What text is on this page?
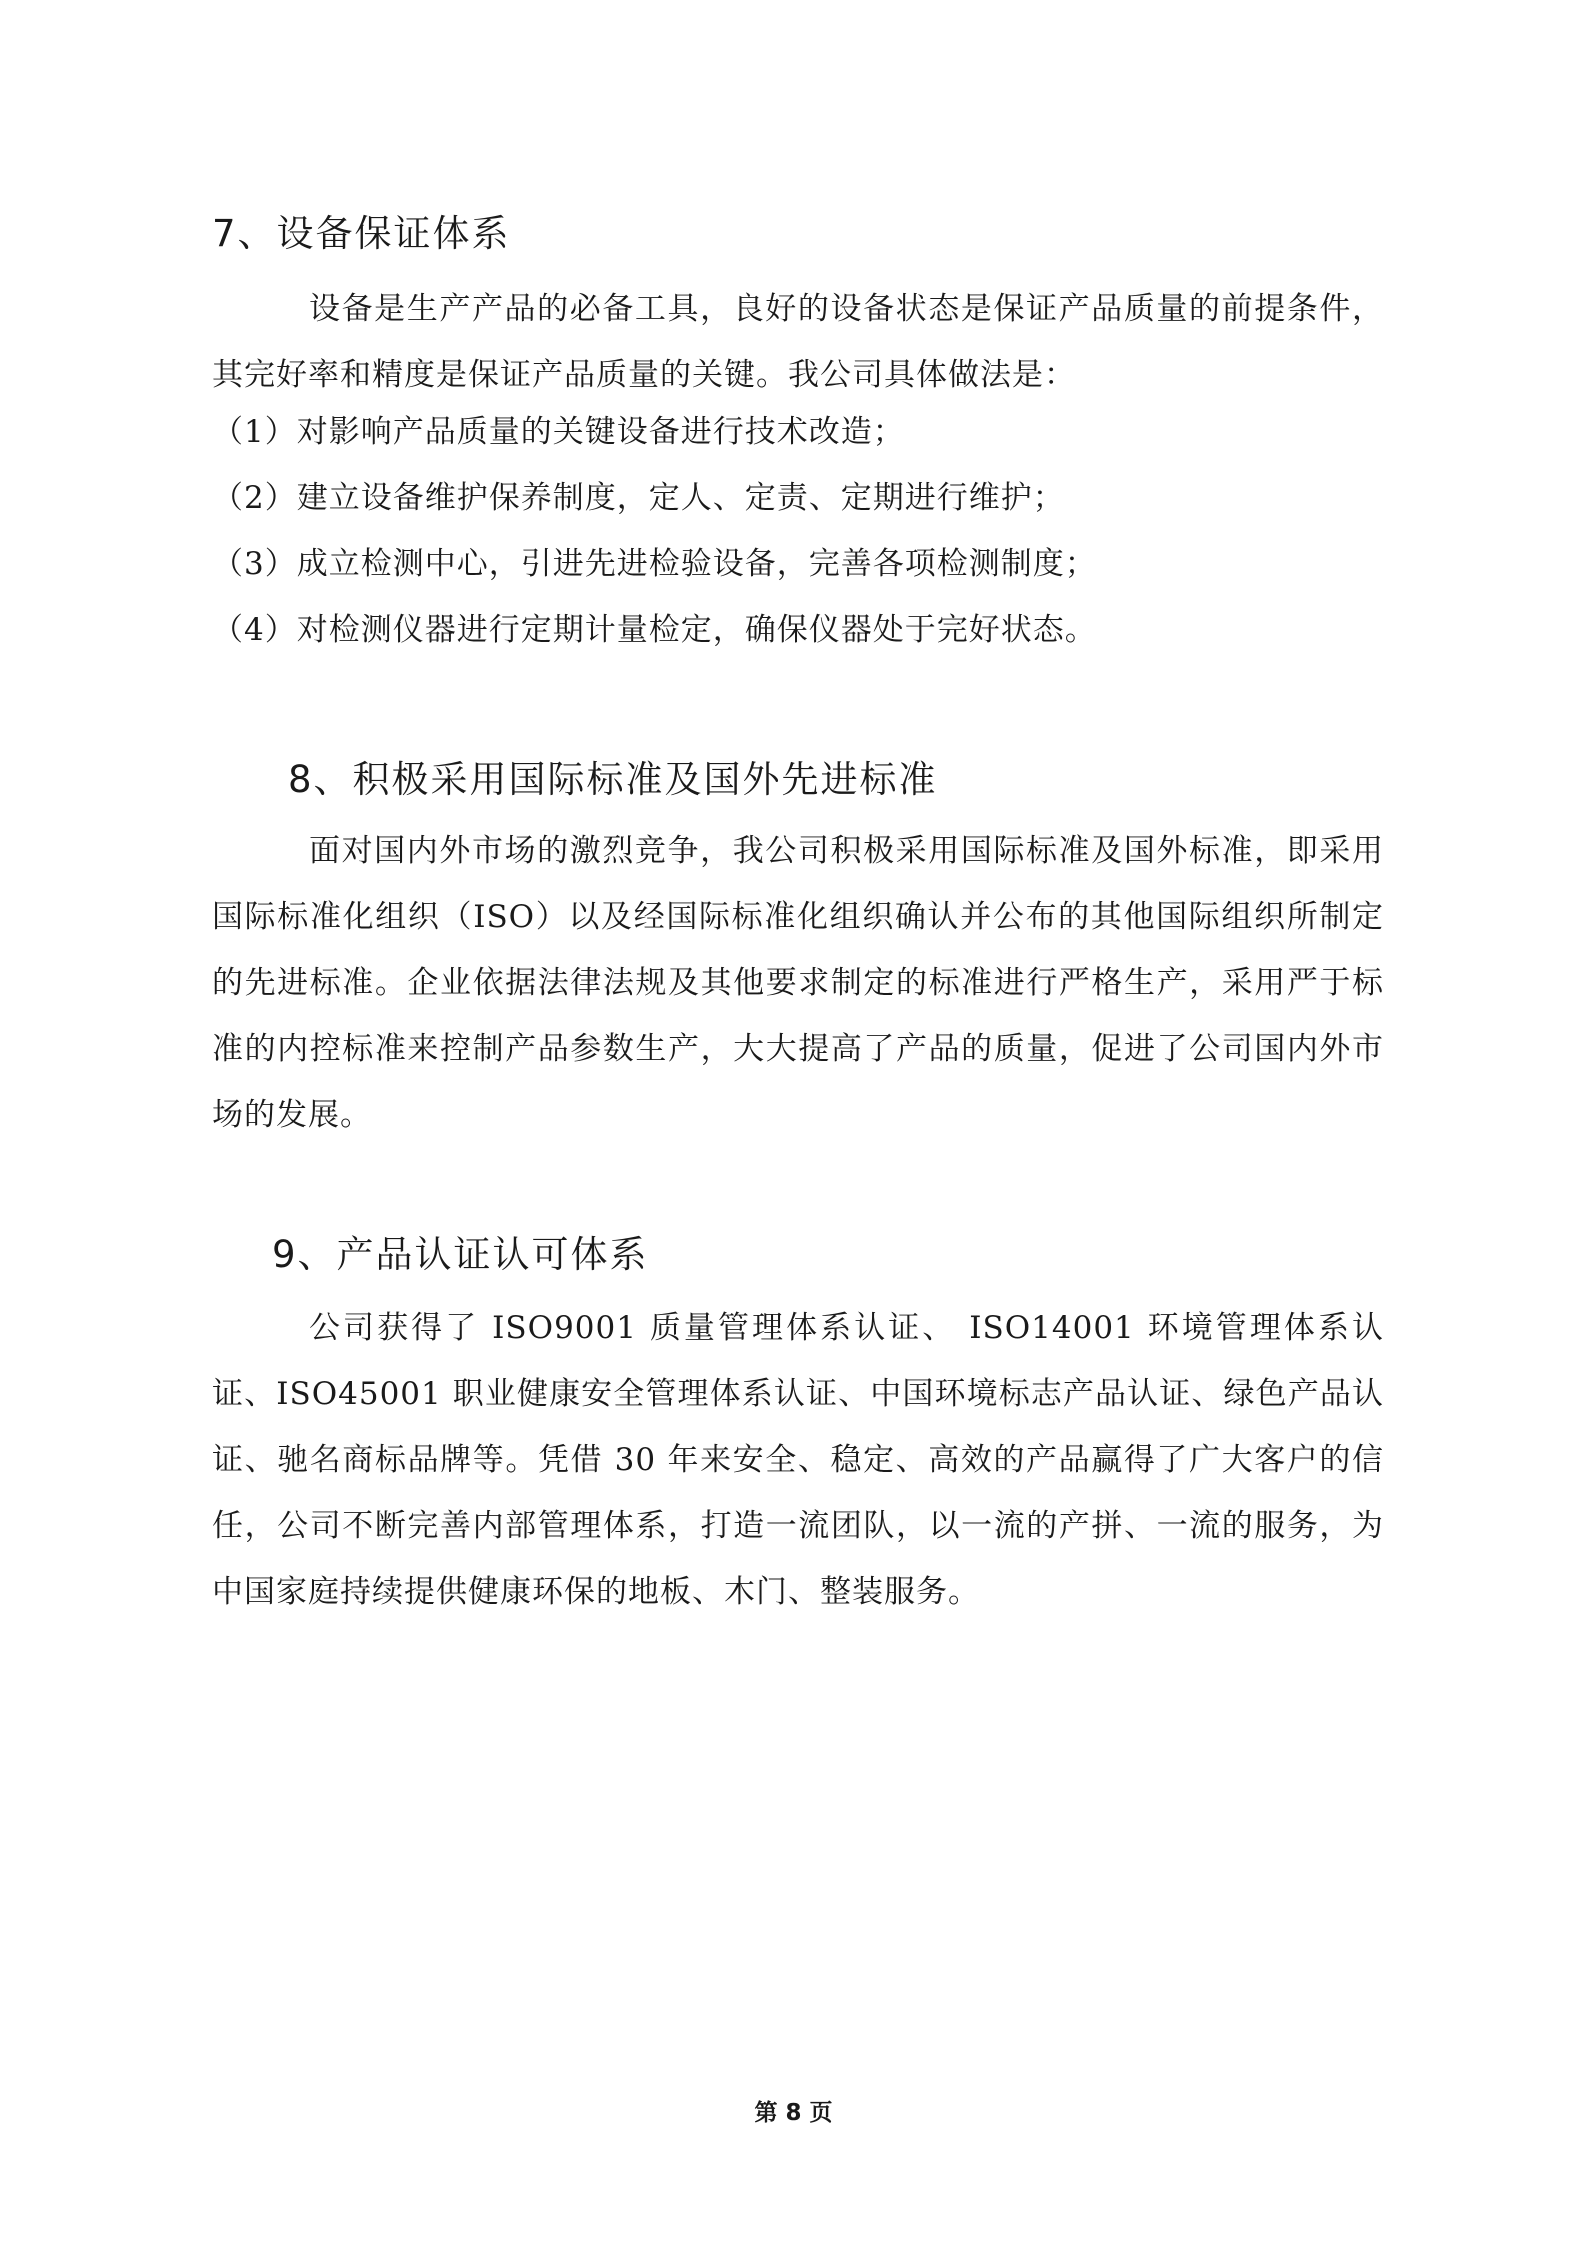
7、设备保证体系
设备是生产产品的必备工具，良好的设备状态是保证产品质量的前提条件，其完好率和精度是保证产品质量的关键。我公司具体做法是：
（1）对影响产品质量的关键设备进行技术改造；
（2）建立设备维护保养制度，定人、定责、定期进行维护；
（3）成立检测中心，引进先进检验设备，完善各项检测制度；
（4）对检测仪器进行定期计量检定，确保仪器处于完好状态。
8、积极采用国际标准及国外先进标准
面对国内外市场的激烈竞争，我公司积极采用国际标准及国外标准，即采用国际标准化组织（ISO）以及经国际标准化组织确认并公布的其他国际组织所制定的先进标准。企业依据法律法规及其他要求制定的标准进行严格生产，采用严于标准的内控标准来控制产品参数生产，大大提高了产品的质量，促进了公司国内外市场的发展。
9、产品认证认可体系
公司获得了 ISO9001 质量管理体系认证、 ISO14001 环境管理体系认证、ISO45001 职业健康安全管理体系认证、中国环境标志产品认证、绿色产品认证、驰名商标品牌等。凭借 30 年来安全、稳定、高效的产品赢得了广大客户的信任，公司不断完善内部管理体系，打造一流团队，以一流的产拼、一流的服务，为中国家庭持续提供健康环保的地板、木门、整装服务。
第 8 页
